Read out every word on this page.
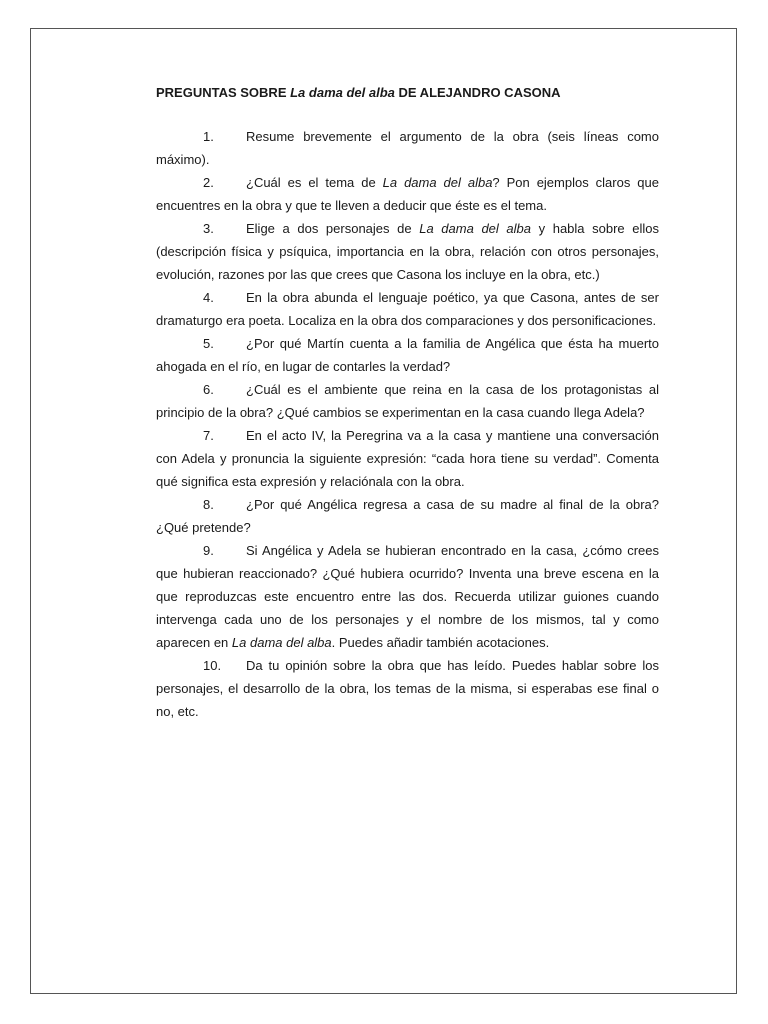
PREGUNTAS SOBRE La dama del alba DE ALEJANDRO CASONA
1. Resume brevemente el argumento de la obra (seis líneas como máximo).
2. ¿Cuál es el tema de La dama del alba? Pon ejemplos claros que encuentres en la obra y que te lleven a deducir que éste es el tema.
3. Elige a dos personajes de La dama del alba y habla sobre ellos (descripción física y psíquica, importancia en la obra, relación con otros personajes, evolución, razones por las que crees que Casona los incluye en la obra, etc.)
4. En la obra abunda el lenguaje poético, ya que Casona, antes de ser dramaturgo era poeta. Localiza en la obra dos comparaciones y dos personificaciones.
5. ¿Por qué Martín cuenta a la familia de Angélica que ésta ha muerto ahogada en el río, en lugar de contarles la verdad?
6. ¿Cuál es el ambiente que reina en la casa de los protagonistas al principio de la obra? ¿Qué cambios se experimentan en la casa cuando llega Adela?
7. En el acto IV, la Peregrina va a la casa y mantiene una conversación con Adela y pronuncia la siguiente expresión: “cada hora tiene su verdad”. Comenta qué significa esta expresión y relaciónala con la obra.
8. ¿Por qué Angélica regresa a casa de su madre al final de la obra? ¿Qué pretende?
9. Si Angélica y Adela se hubieran encontrado en la casa, ¿cómo crees que hubieran reaccionado? ¿Qué hubiera ocurrido? Inventa una breve escena en la que reproduzcas este encuentro entre las dos. Recuerda utilizar guiones cuando intervenga cada uno de los personajes y el nombre de los mismos, tal y como aparecen en La dama del alba. Puedes añadir también acotaciones.
10. Da tu opinión sobre la obra que has leído. Puedes hablar sobre los personajes, el desarrollo de la obra, los temas de la misma, si esperabas ese final o no, etc.
